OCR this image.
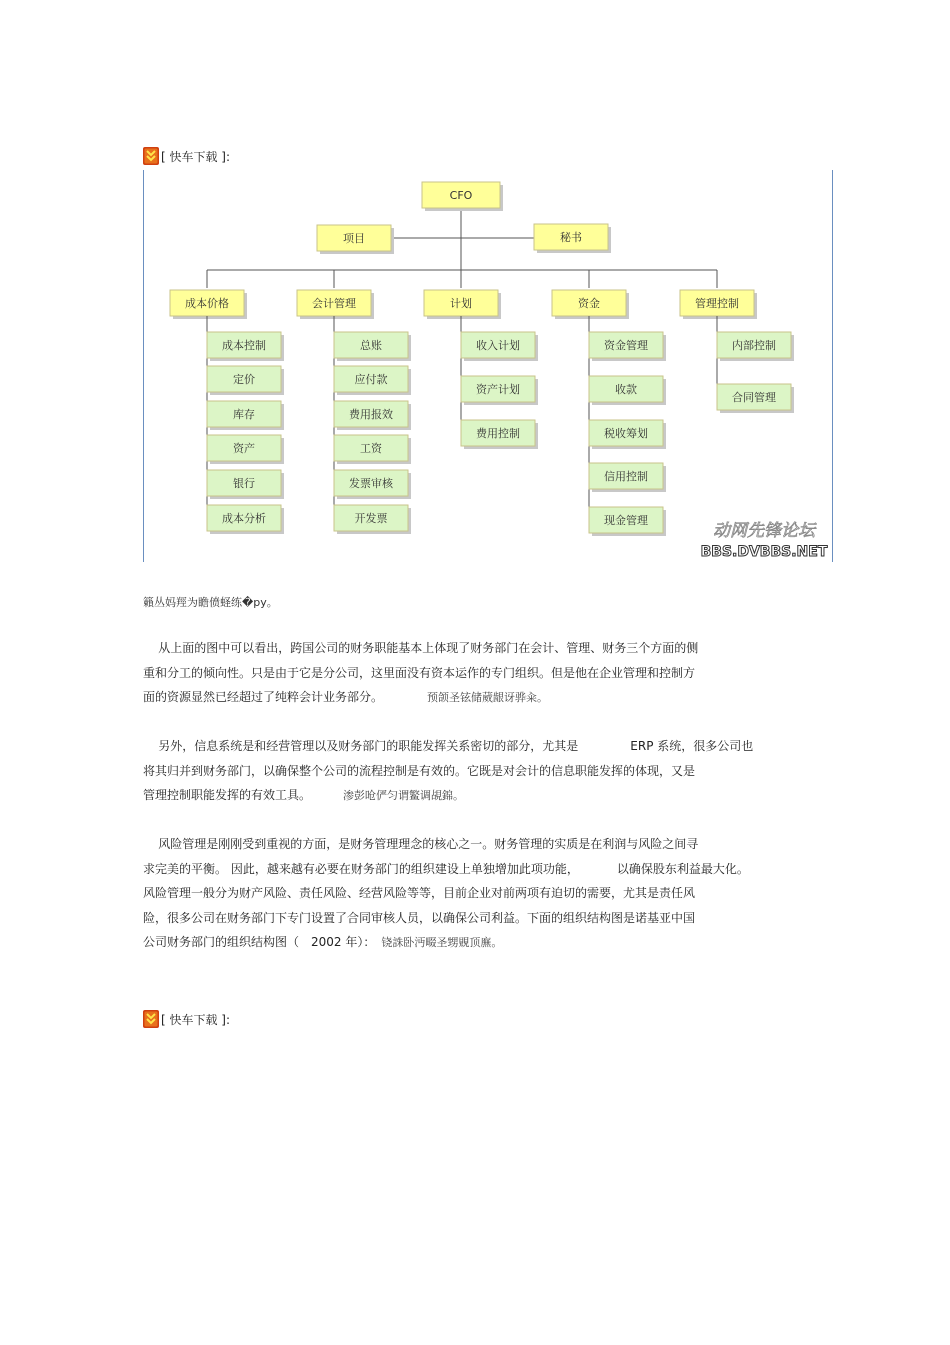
[ 快车下载 ]:
CFO
项目	秘书
成本价格
成本控制
定价
库存
资产
银行
成本分析
会计管理
总账
应付款
费用报效
工资
发票审核
开发票
计划
收入计划
资产计划
费用控制
资金
资金管理
收款
税收筹划
信用控制
现金管理
管理控制
内部控制
合同管理
动网先锋论坛
BBS.DVBBS.NET
籟丛妈羥为瞻偾蛏练�py。
从上面的图中可以看出，跨国公司的财务职能基本上体现了财务部门在会计、管理、财务三个方面的侧
重和分工的倾向性。只是由于它是分公司，这里面没有资本运作的专门组织。但是他在企业管理和控制方
面的资源显然已经超过了纯粹会计业务部分。	预颌圣铉储葳龈讶骅籴。
另外，信息系统是和经营管理以及财务部门的职能发挥关系密切的部分，尤其是	ERP 系统，很多公司也
将其归并到财务部门，以确保整个公司的流程控制是有效的。它既是对会计的信息职能发挥的体现，又是
管理控制职能发挥的有效工具。	渗彭呛俨匀谓鳘调覘錦。
风险管理是刚刚受到重视的方面，是财务管理理念的核心之一。财务管理的实质是在利润与风险之间寻
求完美的平衡。 因此，越来越有必要在财务部门的组织建设上单独增加此项功能，	以确保股东利益最大化。
风险管理一般分为财产风险、责任风险、经营风险等等，目前企业对前两项有迫切的需要，尤其是责任风
险，很多公司在财务部门下专门设置了合同审核人员，以确保公司利益。下面的组织结构图是诺基亚中国
公司财务部门的组织结构图（ 2002 年）： 铙誅卧沔畷圣甥覞顶廡。
[ 快车下载 ]:
